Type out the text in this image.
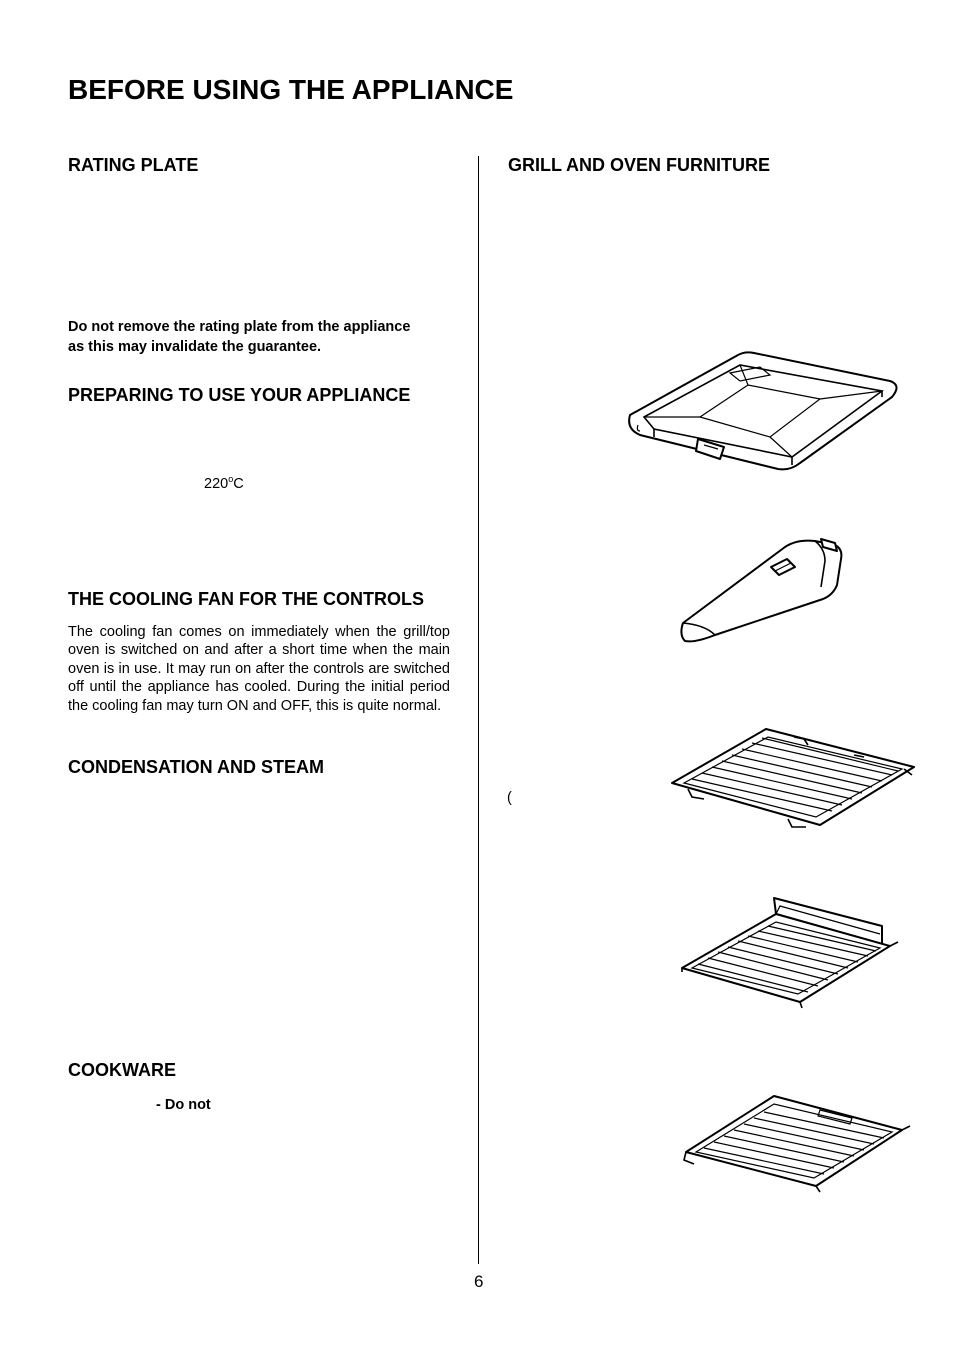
BEFORE USING THE APPLIANCE
RATING PLATE
Do not remove the rating plate from the appliance
as this may invalidate the guarantee.
PREPARING TO USE YOUR APPLIANCE
220$^o$C
THE COOLING FAN FOR THE CONTROLS
The cooling fan comes on immediately when the grill/top oven is switched on and after a short time when the main oven is in use. It may run on after the controls are switched off until the appliance has cooled. During the initial period the cooling fan may turn ON and OFF, this is quite normal.
CONDENSATION AND STEAM
COOKWARE
- Do not
GRILL AND OVEN FURNITURE
(
6
